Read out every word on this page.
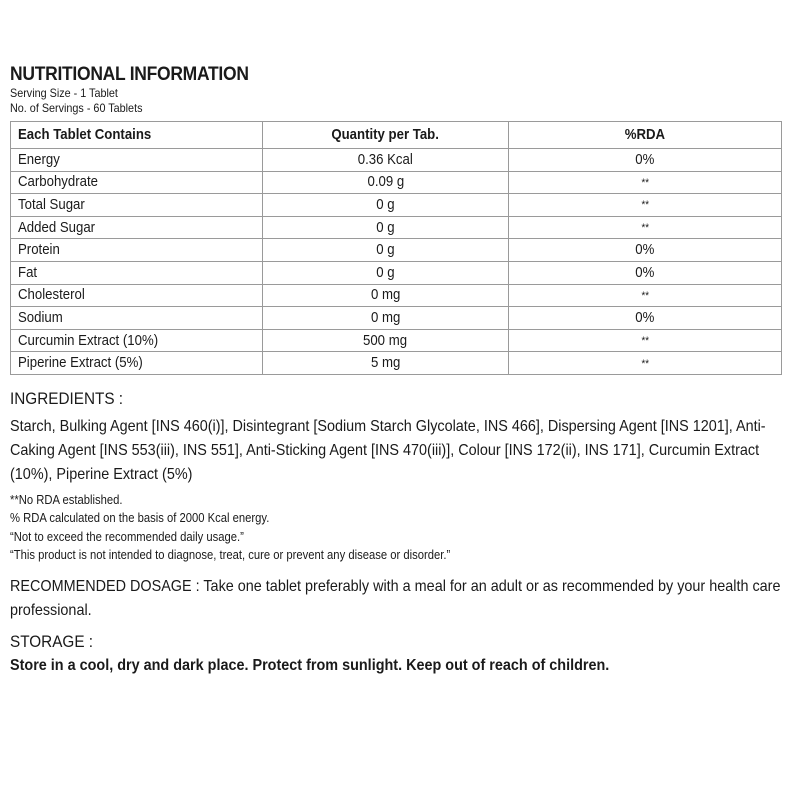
NUTRITIONAL INFORMATION
Serving Size - 1 Tablet
No. of Servings - 60 Tablets
Each Tablet Contains	Quantity per Tab.	%RDA
Energy	0.36 Kcal	0%
Carbohydrate	0.09 g	**
Total Sugar	0 g	**
Added Sugar	0 g	**
Protein	0 g	0%
Fat	0 g	0%
Cholesterol	0 mg	**
Sodium	0 mg	0%
Curcumin Extract (10%)	500 mg	**
Piperine Extract (5%)	5 mg	**
INGREDIENTS :
Starch, Bulking Agent [INS 460(i)], Disintegrant [Sodium Starch Glycolate, INS 466], Dispersing Agent [INS 1201], Anti-Caking Agent [INS 553(iii), INS 551], Anti-Sticking Agent [INS 470(iii)], Colour [INS 172(ii), INS 171], Curcumin Extract (10%), Piperine Extract (5%)
**No RDA established.
% RDA calculated on the basis of 2000 Kcal energy.
“Not to exceed the recommended daily usage.”
“This product is not intended to diagnose, treat, cure or prevent any disease or disorder.”
RECOMMENDED DOSAGE : Take one tablet preferably with a meal for an adult or as recommended by your health care professional.
STORAGE :
Store in a cool, dry and dark place. Protect from sunlight. Keep out of reach of children.
